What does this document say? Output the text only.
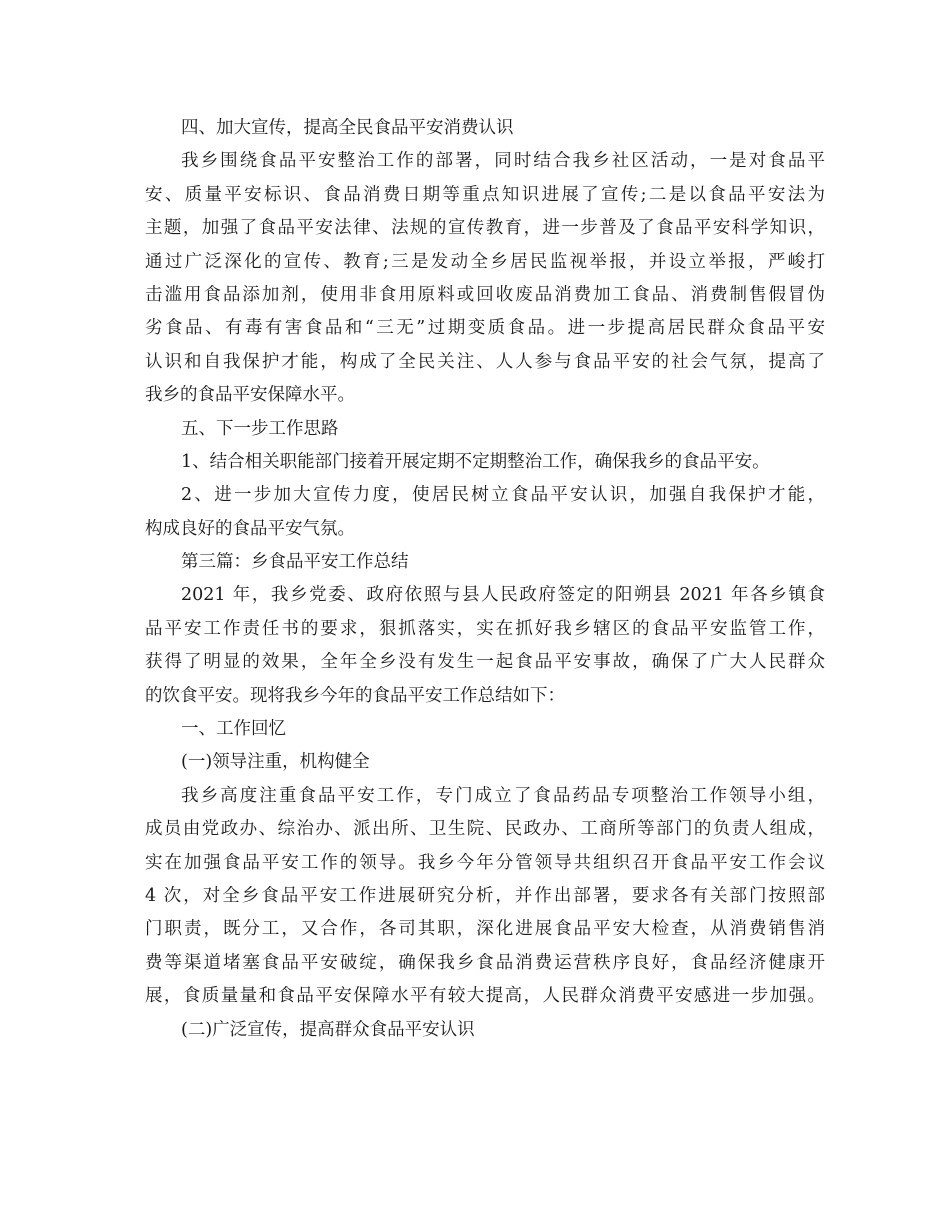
四、加大宣传，提高全民食品平安消费认识
我乡围绕食品平安整治工作的部署，同时结合我乡社区活动，一是对食品平
安、质量平安标识、食品消费日期等重点知识进展了宣传;二是以食品平安法为
主题，加强了食品平安法律、法规的宣传教育，进一步普及了食品平安科学知识，
通过广泛深化的宣传、教育;三是发动全乡居民监视举报，并设立举报，严峻打
击滥用食品添加剂，使用非食用原料或回收废品消费加工食品、消费制售假冒伪
劣食品、有毒有害食品和“三无”过期变质食品。进一步提高居民群众食品平安
认识和自我保护才能，构成了全民关注、人人参与食品平安的社会气氛，提高了
我乡的食品平安保障水平。
五、下一步工作思路
1、结合相关职能部门接着开展定期不定期整治工作，确保我乡的食品平安。
2、进一步加大宣传力度，使居民树立食品平安认识，加强自我保护才能，
构成良好的食品平安气氛。
第三篇：乡食品平安工作总结
2021 年，我乡党委、政府依照与县人民政府签定的阳朔县 2021 年各乡镇食
品平安工作责任书的要求，狠抓落实，实在抓好我乡辖区的食品平安监管工作，
获得了明显的效果，全年全乡没有发生一起食品平安事故，确保了广大人民群众
的饮食平安。现将我乡今年的食品平安工作总结如下：
一、工作回忆
(一)领导注重，机构健全
我乡高度注重食品平安工作，专门成立了食品药品专项整治工作领导小组，
成员由党政办、综治办、派出所、卫生院、民政办、工商所等部门的负责人组成，
实在加强食品平安工作的领导。我乡今年分管领导共组织召开食品平安工作会议
4 次，对全乡食品平安工作进展研究分析，并作出部署，要求各有关部门按照部
门职责，既分工，又合作，各司其职，深化进展食品平安大检查，从消费销售消
费等渠道堵塞食品平安破绽，确保我乡食品消费运营秩序良好，食品经济健康开
展，食质量量和食品平安保障水平有较大提高，人民群众消费平安感进一步加强。
(二)广泛宣传，提高群众食品平安认识
